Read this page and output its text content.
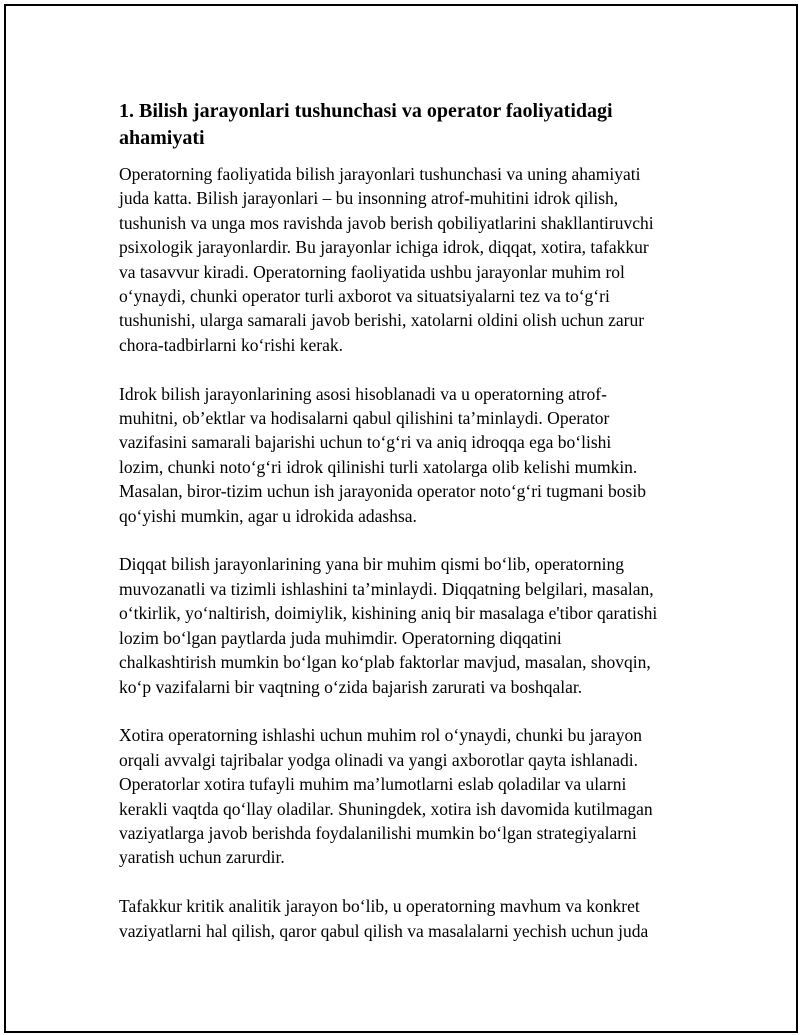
1. Bilish jarayonlari tushunchasi va operator faoliyatidagi
ahamiyati

Operatorning faoliyatida bilish jarayonlari tushunchasi va uning ahamiyati
juda katta. Bilish jarayonlari – bu insonning atrof-muhitini idrok qilish,
tushunish va unga mos ravishda javob berish qobiliyatlarini shakllantiruvchi
psixologik jarayonlardir. Bu jarayonlar ichiga idrok, diqqat, xotira, tafakkur
va tasavvur kiradi. Operatorning faoliyatida ushbu jarayonlar muhim rol
o‘ynaydi, chunki operator turli axborot va situatsiyalarni tez va to‘g‘ri
tushunishi, ularga samarali javob berishi, xatolarni oldini olish uchun zarur
chora-tadbirlarni ko‘rishi kerak.

Idrok bilish jarayonlarining asosi hisoblanadi va u operatorning atrof-
muhitni, ob’ektlar va hodisalarni qabul qilishini ta’minlaydi. Operator
vazifasini samarali bajarishi uchun to‘g‘ri va aniq idroqqa ega bo‘lishi
lozim, chunki noto‘g‘ri idrok qilinishi turli xatolarga olib kelishi mumkin.
Masalan, biror-tizim uchun ish jarayonida operator noto‘g‘ri tugmani bosib
qo‘yishi mumkin, agar u idrokida adashsa.

Diqqat bilish jarayonlarining yana bir muhim qismi bo‘lib, operatorning
muvozanatli va tizimli ishlashini ta’minlaydi. Diqqatning belgilari, masalan,
o‘tkirlik, yo‘naltirish, doimiylik, kishining aniq bir masalaga e'tibor qaratishi
lozim bo‘lgan paytlarda juda muhimdir. Operatorning diqqatini
chalkashtirish mumkin bo‘lgan ko‘plab faktorlar mavjud, masalan, shovqin,
ko‘p vazifalarni bir vaqtning o‘zida bajarish zarurati va boshqalar.

Xotira operatorning ishlashi uchun muhim rol o‘ynaydi, chunki bu jarayon
orqali avvalgi tajribalar yodga olinadi va yangi axborotlar qayta ishlanadi.
Operatorlar xotira tufayli muhim ma’lumotlarni eslab qoladilar va ularni
kerakli vaqtda qo‘llay oladilar. Shuningdek, xotira ish davomida kutilmagan
vaziyatlarga javob berishda foydalanilishi mumkin bo‘lgan strategiyalarni
yaratish uchun zarurdir.

Tafakkur kritik analitik jarayon bo‘lib, u operatorning mavhum va konkret
vaziyatlarni hal qilish, qaror qabul qilish va masalalarni yechish uchun juda
